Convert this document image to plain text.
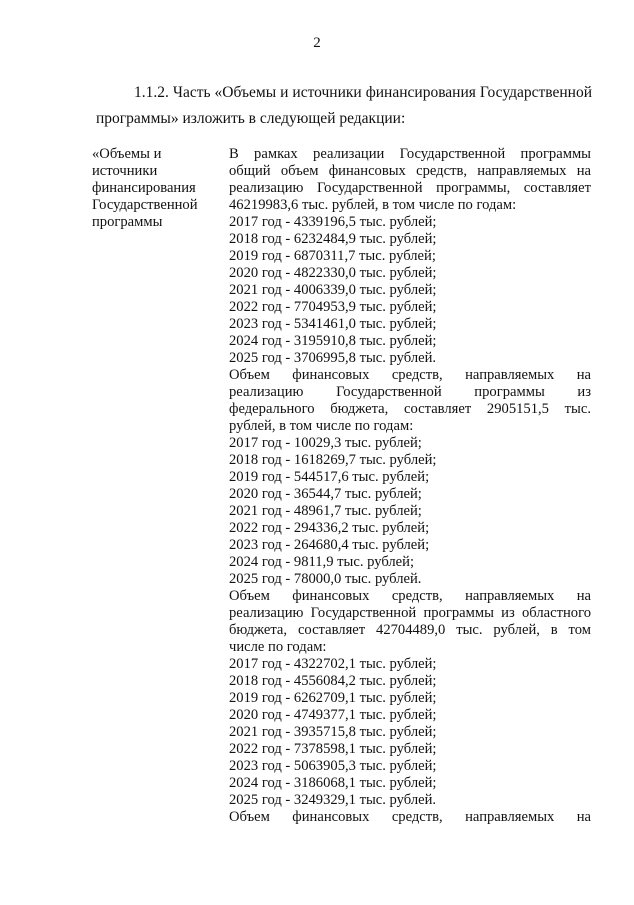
2
1.1.2. Часть «Объемы и источники финансирования Государственной
программы» изложить в следующей редакции:
«Объемы и
источники
финансирования
Государственной
программы
В рамках реализации Государственной программы
общий объем финансовых средств, направляемых на
реализацию Государственной программы, составляет
46219983,6 тыс. рублей, в том числе по годам:
2017 год - 4339196,5 тыс. рублей;
2018 год - 6232484,9 тыс. рублей;
2019 год - 6870311,7 тыс. рублей;
2020 год - 4822330,0 тыс. рублей;
2021 год - 4006339,0 тыс. рублей;
2022 год - 7704953,9 тыс. рублей;
2023 год - 5341461,0 тыс. рублей;
2024 год - 3195910,8 тыс. рублей;
2025 год - 3706995,8 тыс. рублей.
Объем финансовых средств, направляемых на
реализацию Государственной программы из
федерального бюджета, составляет 2905151,5 тыс.
рублей, в том числе по годам:
2017 год - 10029,3 тыс. рублей;
2018 год - 1618269,7 тыс. рублей;
2019 год - 544517,6 тыс. рублей;
2020 год - 36544,7 тыс. рублей;
2021 год - 48961,7 тыс. рублей;
2022 год - 294336,2 тыс. рублей;
2023 год - 264680,4 тыс. рублей;
2024 год - 9811,9 тыс. рублей;
2025 год - 78000,0 тыс. рублей.
Объем финансовых средств, направляемых на
реализацию Государственной программы из областного
бюджета, составляет 42704489,0 тыс. рублей, в том
числе по годам:
2017 год - 4322702,1 тыс. рублей;
2018 год - 4556084,2 тыс. рублей;
2019 год - 6262709,1 тыс. рублей;
2020 год - 4749377,1 тыс. рублей;
2021 год - 3935715,8 тыс. рублей;
2022 год - 7378598,1 тыс. рублей;
2023 год - 5063905,3 тыс. рублей;
2024 год - 3186068,1 тыс. рублей;
2025 год - 3249329,1 тыс. рублей.
Объем финансовых средств, направляемых на
